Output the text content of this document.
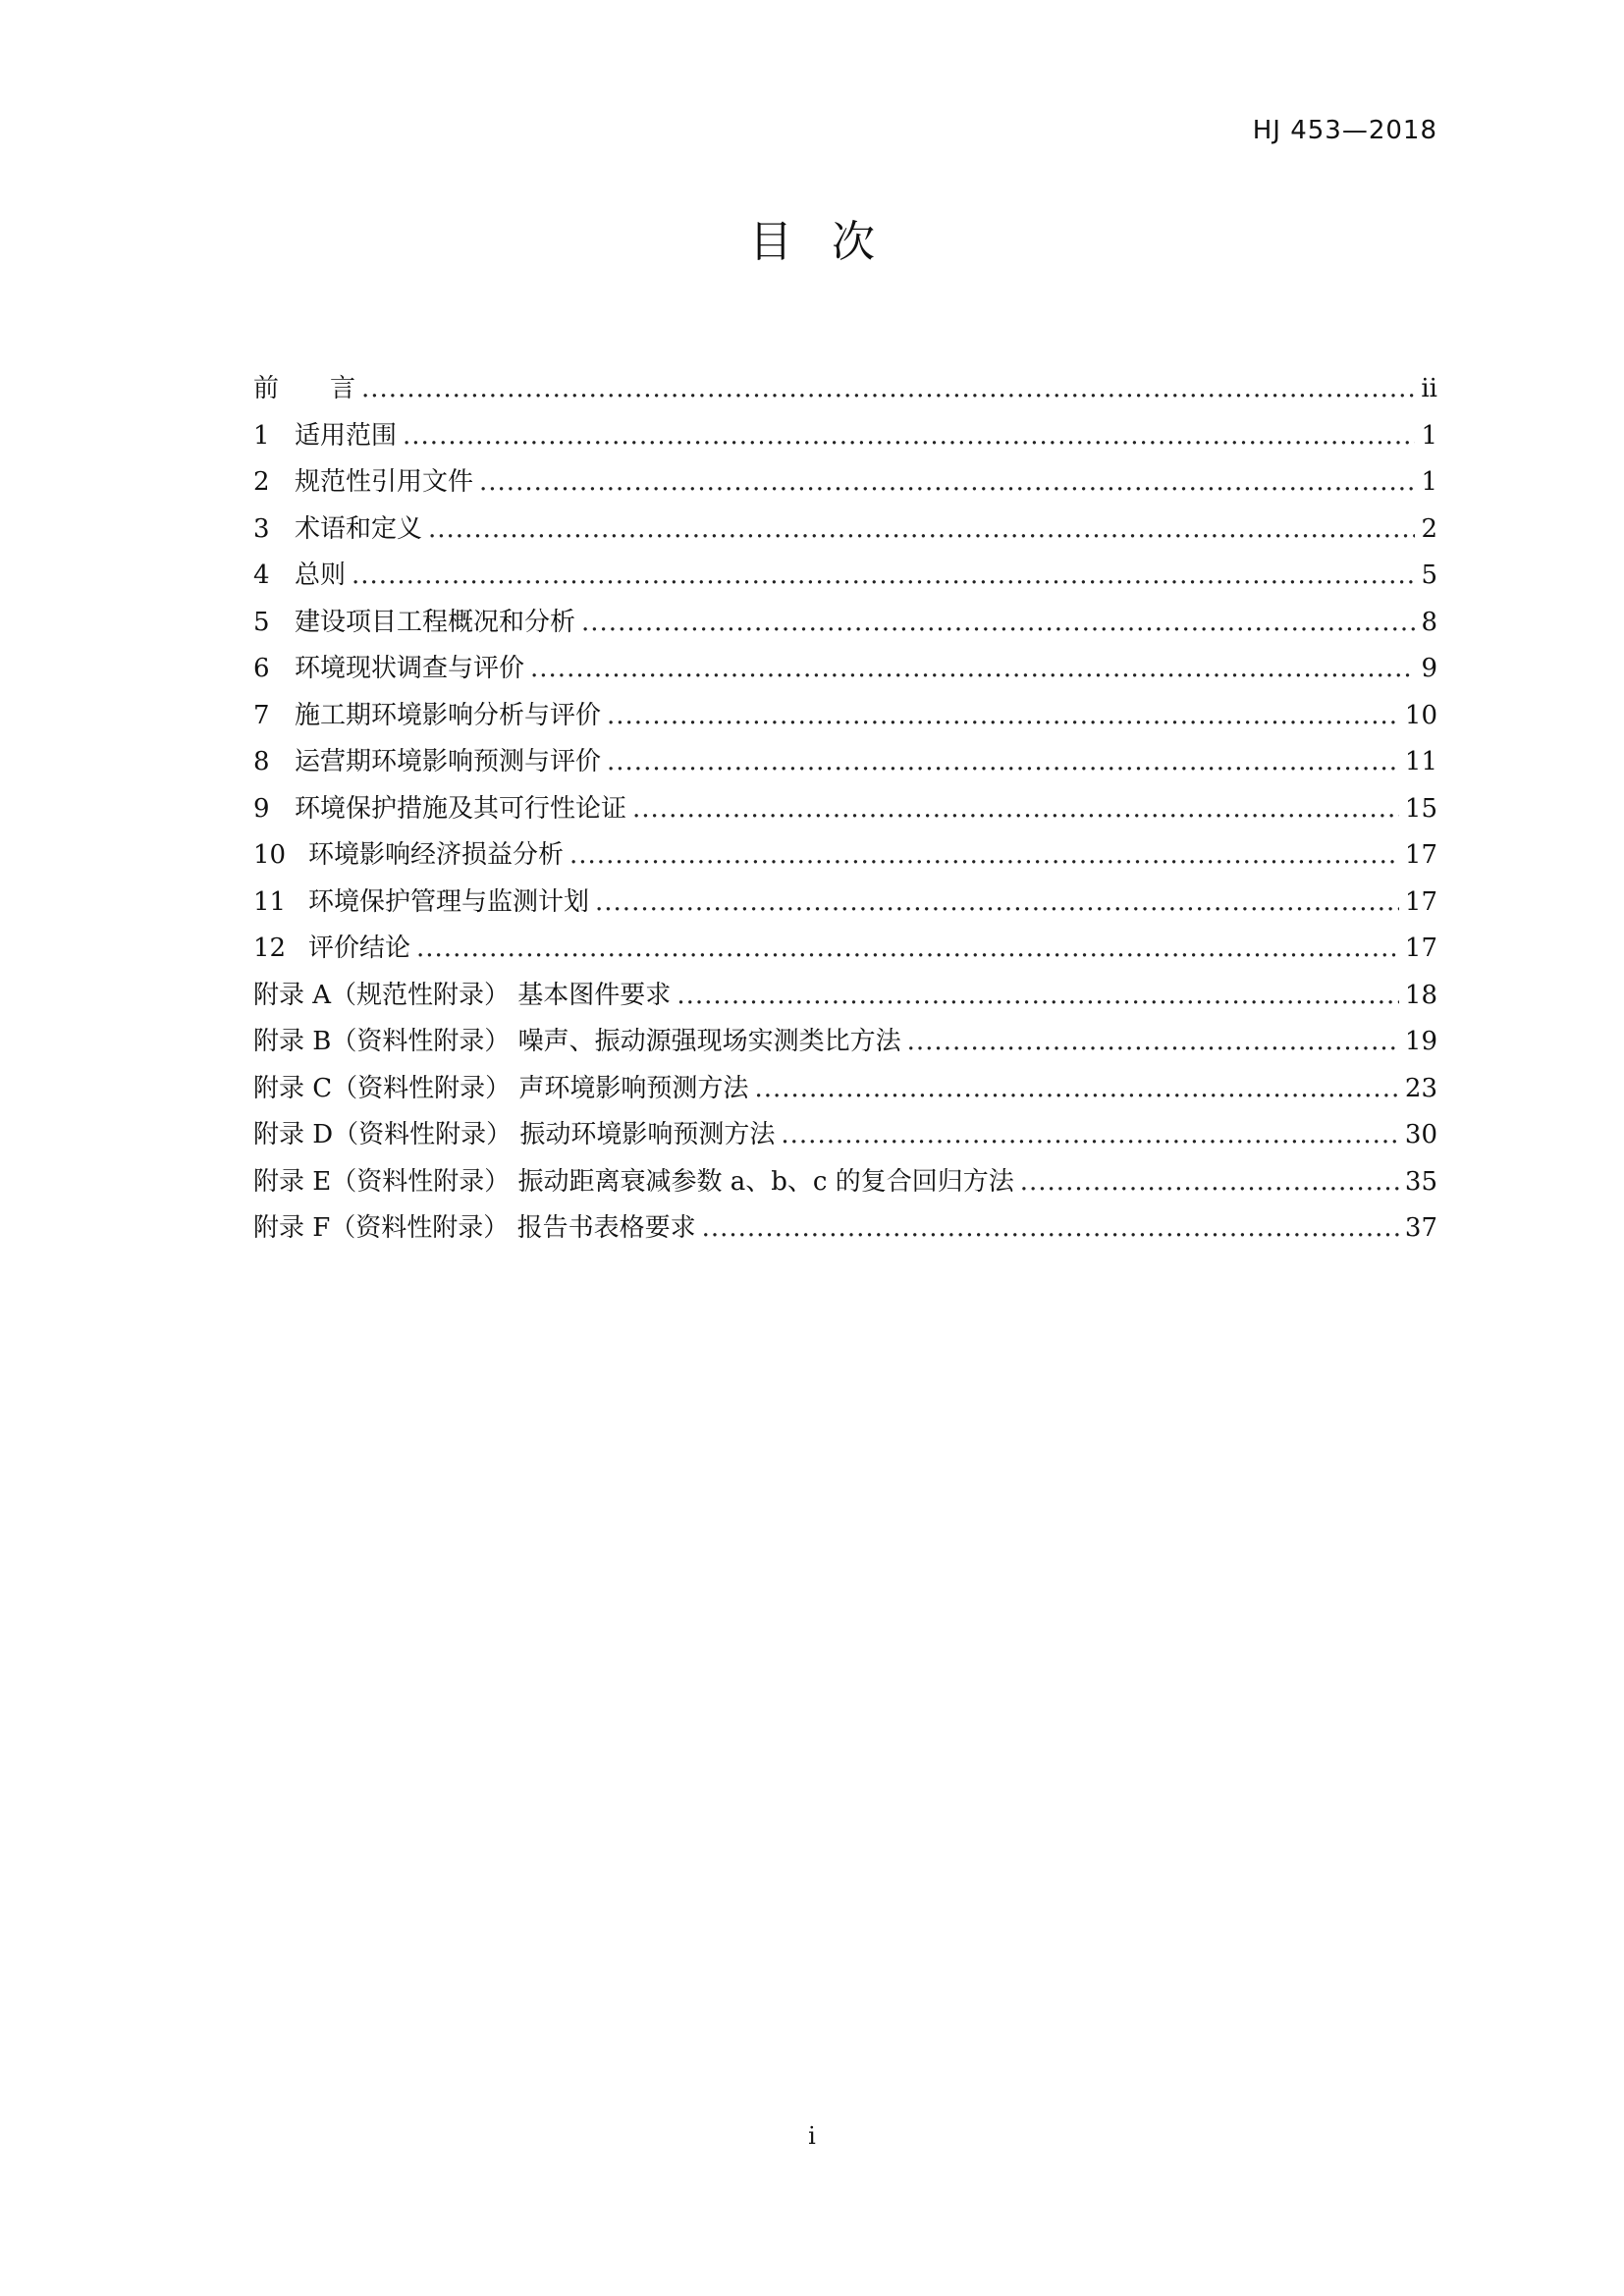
HJ 453—2018
目次
前　　言 .....	ii
1 适用范围 .....	1
2 规范性引用文件 .....	1
3 术语和定义 .....	2
4 总则 .....	5
5 建设项目工程概况和分析 .....	8
6 环境现状调查与评价 .....	9
7 施工期环境影响分析与评价 .....	10
8 运营期环境影响预测与评价 .....	11
9 环境保护措施及其可行性论证 .....	15
10 环境影响经济损益分析 .....	17
11 环境保护管理与监测计划 .....	17
12 评价结论 .....	17
附录 A（规范性附录） 基本图件要求 .....	18
附录 B（资料性附录） 噪声、振动源强现场实测类比方法 .....	19
附录 C（资料性附录） 声环境影响预测方法 .....	23
附录 D（资料性附录） 振动环境影响预测方法 .....	30
附录 E（资料性附录） 振动距离衰减参数 a、b、c 的复合回归方法 .....	35
附录 F（资料性附录） 报告书表格要求 .....	37
i
